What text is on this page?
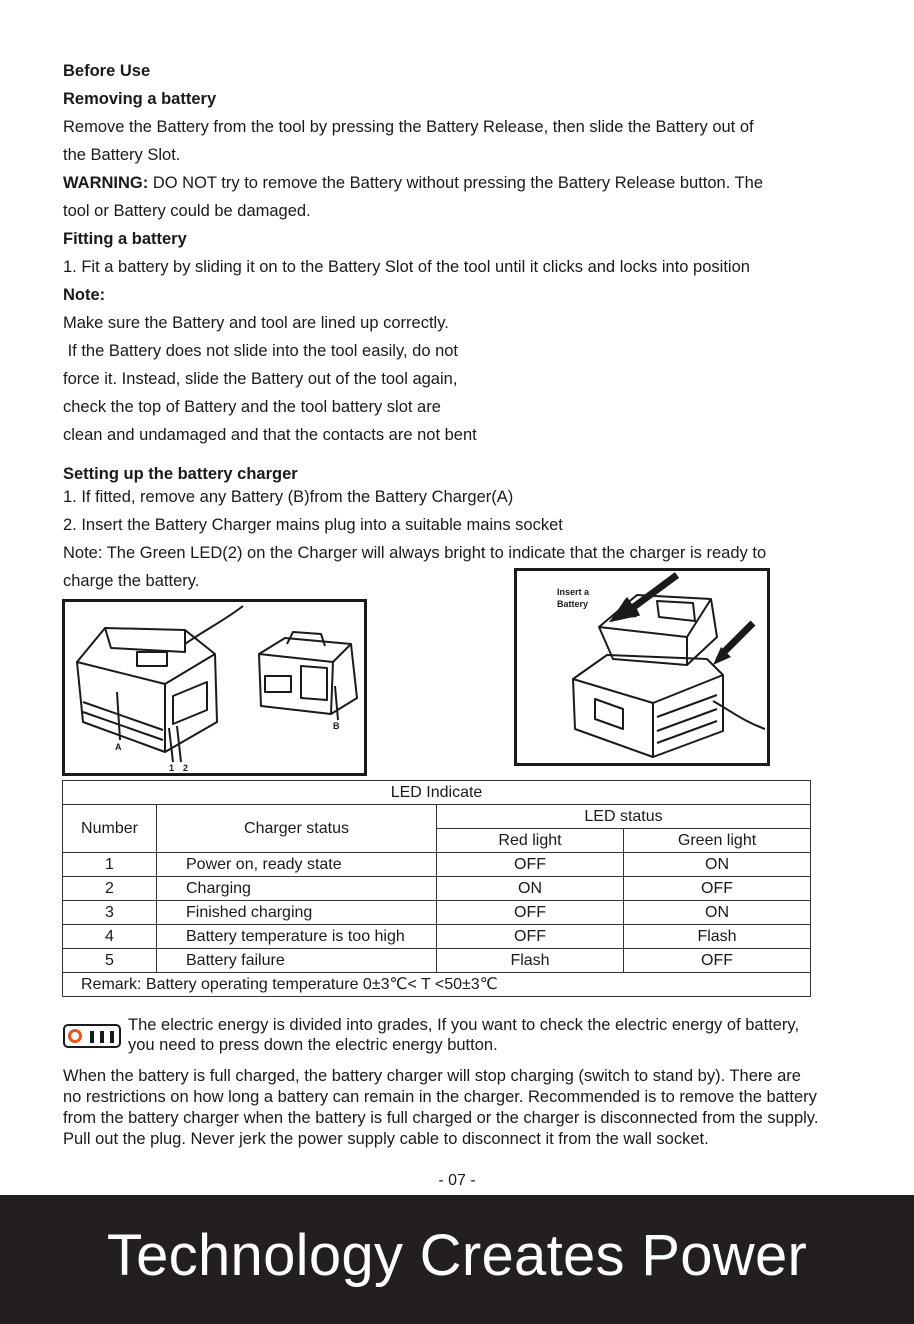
Before Use
Removing a battery
Remove the Battery from the tool by pressing the Battery Release, then slide the Battery out of
the Battery Slot.
WARNING: DO NOT try to remove the Battery without pressing the Battery Release button. The
tool or Battery could be damaged.
Fitting a battery
1. Fit a battery by sliding it on to the Battery Slot of the tool until it clicks and locks into position
Note:
Make sure the Battery and tool are lined up correctly.
If the Battery does not slide into the tool easily, do not
force it. Instead, slide the Battery out of the tool again,
check the top of Battery and the tool battery slot are
clean and undamaged and that the contacts are not bent
Setting up the battery charger
1. If fitted, remove any Battery (B)from the Battery Charger(A)
2. Insert the Battery Charger mains plug into a suitable mains socket
Note: The Green LED(2) on the Charger will always bright to indicate that the charger is ready to
charge the battery.
A
1 2
B
Insert a
Battery
LED Indicate			
Number	Charger status	LED status	
		Red light	Green light
1	Power on, ready state	OFF	ON
2	Charging	ON	OFF
3	Finished charging	OFF	ON
4	Battery temperature is too high	OFF	Flash
5	Battery failure	Flash	OFF
Remark: Battery operating temperature 0±3℃< T <50±3℃			
The electric energy is divided into grades, If you want to check the electric energy of battery,
you need to press down the electric energy button.
When the battery is full charged, the battery charger will stop charging (switch to stand by). There are
no restrictions on how long a battery can remain in the charger. Recommended is to remove the battery
from the battery charger when the battery is full charged or the charger is disconnected from the supply.
Pull out the plug. Never jerk the power supply cable to disconnect it from the wall socket.
- 07 -
Technology Creates Power
